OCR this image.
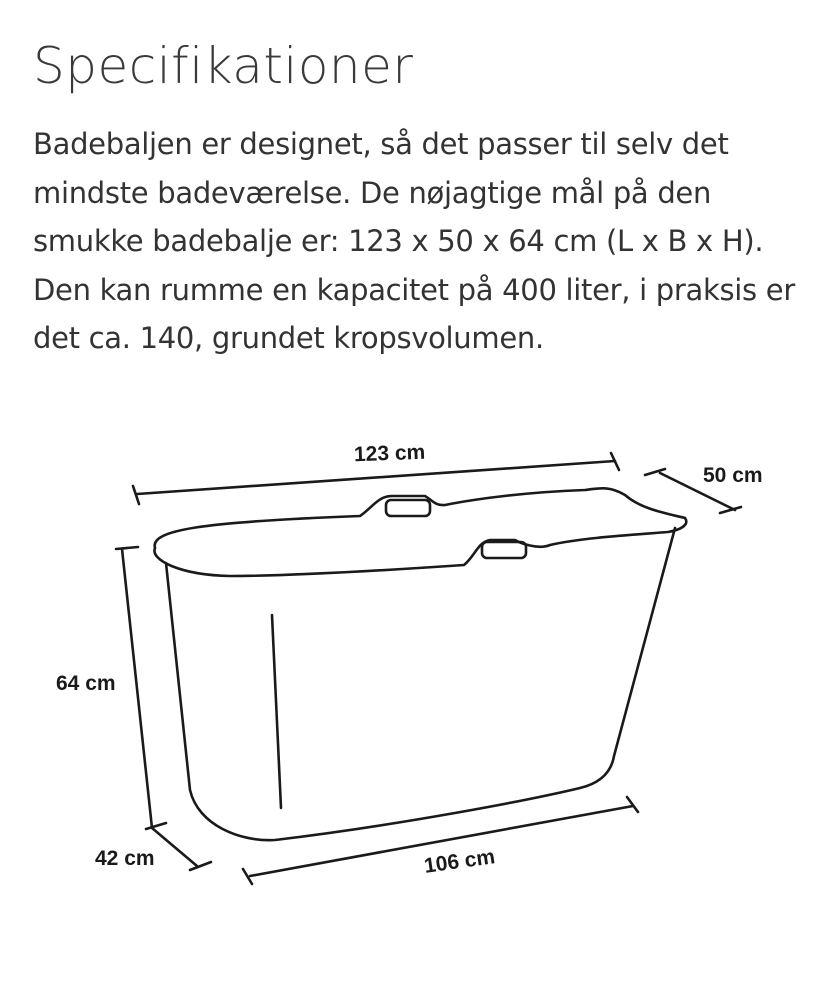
Specifikationer

Badebaljen er designet, så det passer til selv det mindste badeværelse. De nøjagtige mål på den smukke badebalje er: 123 x 50 x 64 cm (L x B x H). Den kan rumme en kapacitet på 400 liter, i praksis er det ca. 140, grundet kropsvolumen.

123 cm
50 cm
64 cm
42 cm	106 cm
